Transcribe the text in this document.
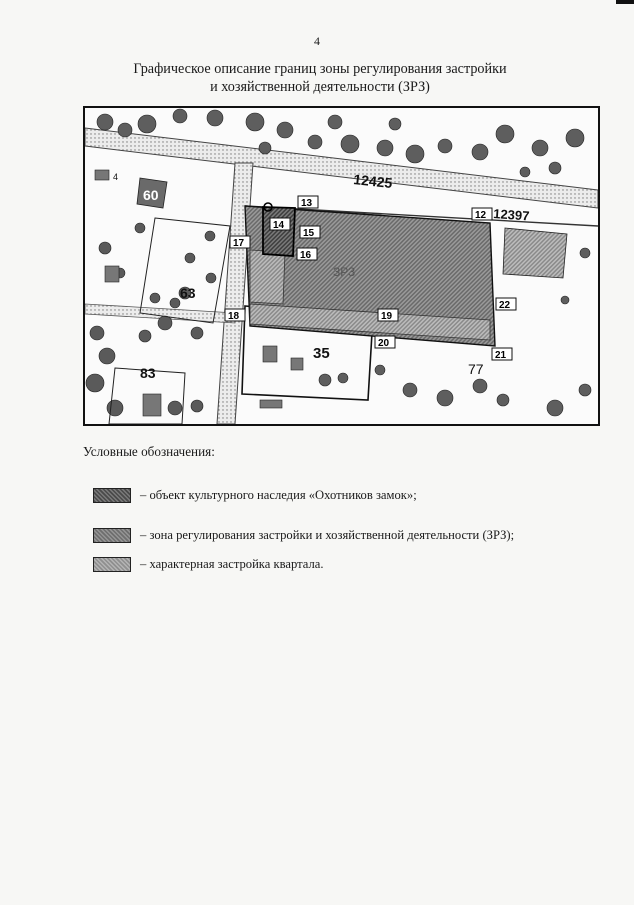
4
Графическое описание границ зоны регулирования застройки
и хозяйственной деятельности (ЗРЗ)
13
14
15
16
17
18	19
20
21
22
12
12425
12397
60
63
83
35
77
4
ЗРЗ
Условные обозначения:
– объект культурного наследия «Охотников замок»;
– зона регулирования застройки и хозяйственной деятельности (ЗРЗ);
– характерная застройка квартала.
